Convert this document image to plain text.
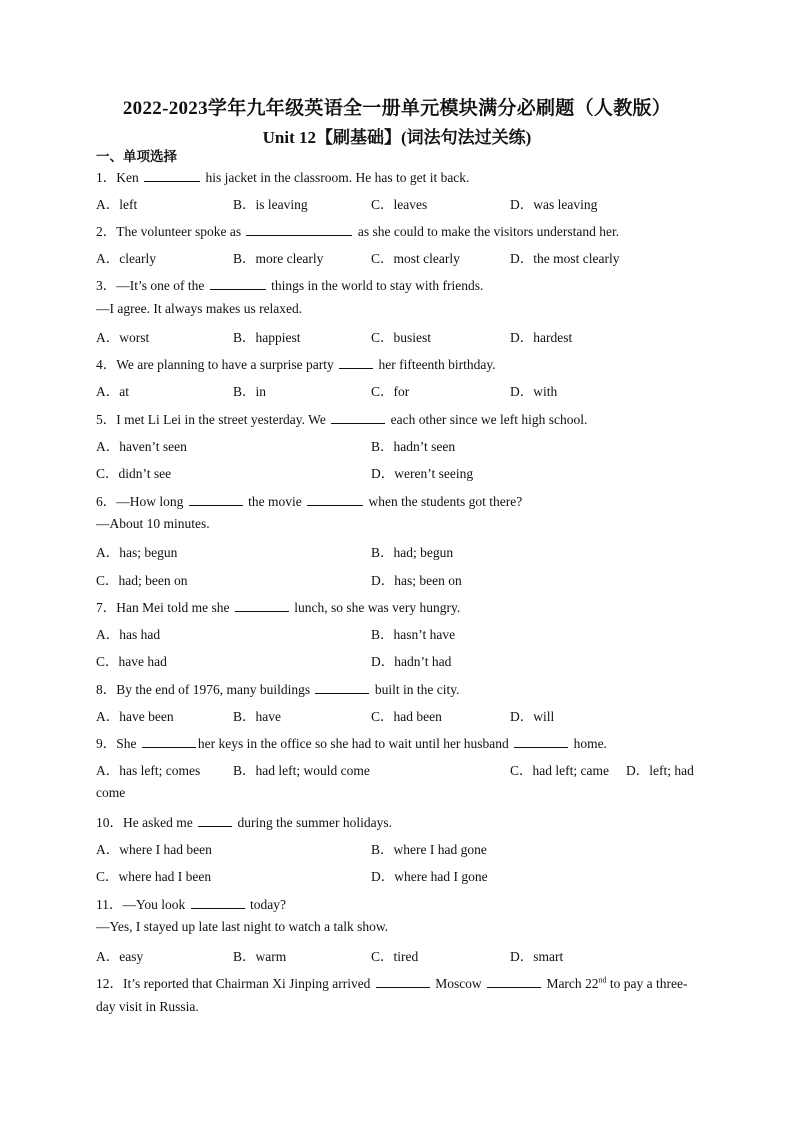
2022-2023学年九年级英语全一册单元模块满分必刷题（人教版）
Unit 12【刷基础】(词法句法过关练)
一、单项选择
1．Ken	his jacket in the classroom. He has to get it back.
A．left	B．is leaving	C．leaves	D．was leaving
2．The volunteer spoke as	as she could to make the visitors understand her.
A．clearly	B．more clearly	C．most clearly	D．the most clearly
3．—It’s one of the	things in the world to stay with friends.
—I agree. It always makes us relaxed.
A．worst	B．happiest	C．busiest	D．hardest
4．We are planning to have a surprise party	her fifteenth birthday.
A．at	B．in	C．for	D．with
5．I met Li Lei in the street yesterday. We	each other since we left high school.
A．haven’t seen	B．hadn’t seen
C．didn’t see	D．weren’t seeing
6．—How long	the movie	when the students got there?
—About 10 minutes.
A．has; begun	B．had; begun
C．had; been on	D．has; been on
7．Han Mei told me she	lunch, so she was very hungry.
A．has had	B．hasn’t have
C．have had	D．hadn’t had
8．By the end of 1976, many buildings	built in the city.
A．have been	B．have	C．had been	D．will
9．She	her keys in the office so she had to wait until her husband	home.
A．has left; comes B．had left; would come	C．had left; came D．left; had
come
10．He asked me	during the summer holidays.
A．where I had been	B．where I had gone
C．where had I been	D．where had I gone
11．—You look	today?
—Yes, I stayed up late last night to watch a talk show.
A．easy	B．warm	C．tired	D．smart
12．It’s reported that Chairman Xi Jinping arrived	Moscow	March 22nd to pay a three-
day visit in Russia.
